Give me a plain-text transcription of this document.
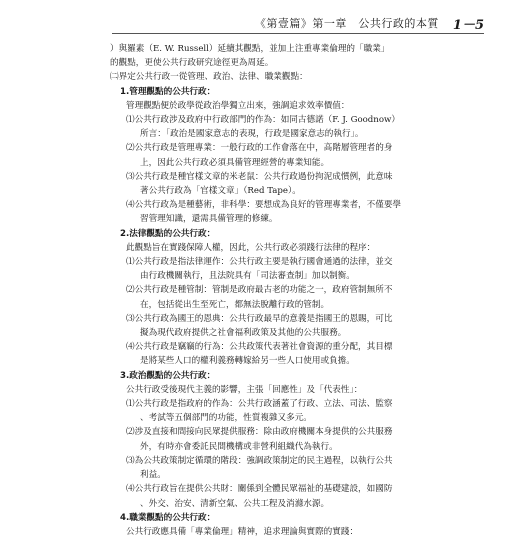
《第壹篇》第一章　公共行政的本質 1－5
）與羅素（E. W. Russell）延續其觀點，並加上注重專業倫理的「職業」
的觀點，更使公共行政研究途徑更為周延。
㈡界定公共行政一從管理、政治、法律、職業觀點：
1.管理觀點的公共行政：
管理觀點便於政學從政治學獨立出來，強調追求效率價值：
⑴公共行政涉及政府中行政部門的作為：如同古德諾（F. J. Goodnow）
所言：「政治是國家意志的表現，行政是國家意志的執行」。
⑵公共行政是管理專業：一般行政的工作會落在中，高階層管理者的身
上，因此公共行政必須具備管理經營的專業知能。
⑶公共行政是種官樣文章的米老鼠：公共行政過份拘泥成慣例，此意味
著公共行政為「官樣文章」（Red Tape）。
⑷公共行政為是種藝術，非科學：要想成為良好的管理專業者，不僅要學
習管理知識，還需具備管理的修練。
2.法律觀點的公共行政：
此觀點旨在實踐保障人權，因此，公共行政必須踐行法律的程序：
⑴公共行政是指法律運作：公共行政主要是執行國會通過的法律，並交
由行政機關執行，且法院具有「司法審查制」加以制衡。
⑵公共行政是種管制：管制是政府最古老的功能之一，政府管制無所不
在，包括從出生至死亡，都無法脫離行政的管制。
⑶公共行政為國王的恩典：公共行政最早的意義是指國王的恩賜，可比
擬為現代政府提供之社會福利政策及其他的公共服務。
⑷公共行政是竊竊的行為：公共政策代表著社會資源的重分配，其目標
是將某些人口的權利義務轉嫁給另一些人口使用或負擔。
3.政治觀點的公共行政：
公共行政受後現代主義的影響，主張「回應性」及「代表性」：
⑴公共行政是指政府的作為：公共行政涵蓋了行政、立法、司法、監察
、考試等五個部門的功能，性質複雜又多元。
⑵涉及直接和間接向民眾提供服務：除由政府機關本身提供的公共服務
外，有時亦會委託民間機構或非營利組織代為執行。
⑶為公共政策制定循環的階段：強調政策制定的民主過程，以執行公共
利益。
⑷公共行政旨在提供公共財：關係到全體民眾福祉的基礎建設，如國防
、外交、治安、清新空氣、公共工程及消滌水源。
4.職業觀點的公共行政：
公共行政應具備「專業倫理」精神，追求理論與實際的實踐：
